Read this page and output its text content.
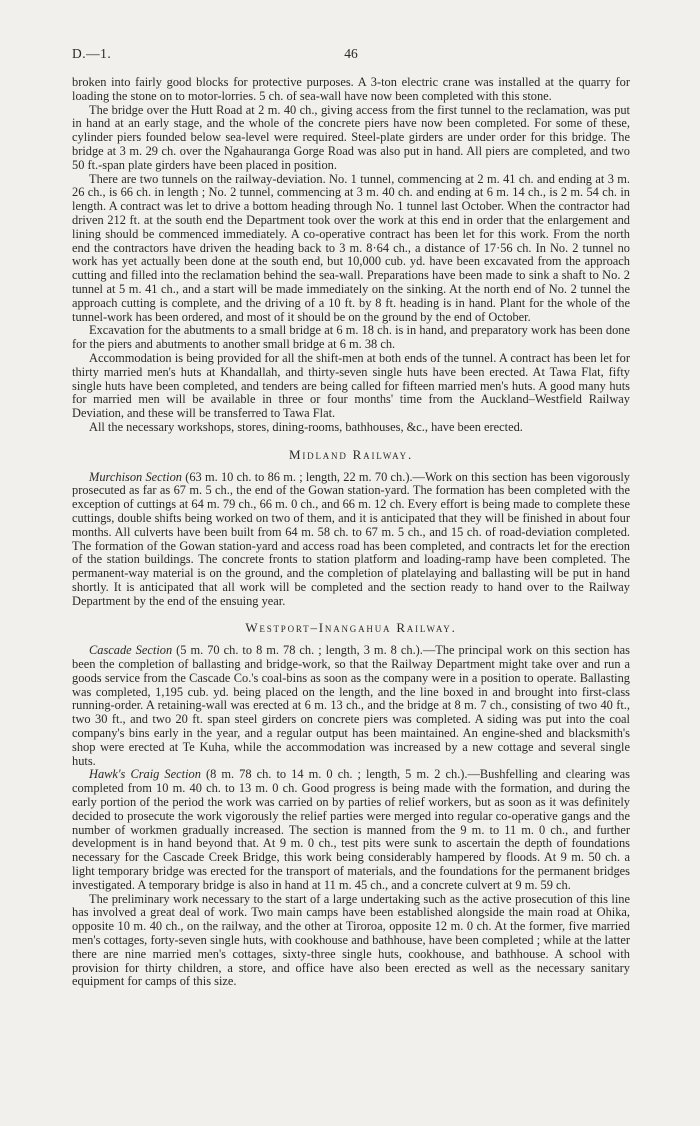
D.—1.	46

broken into fairly good blocks for protective purposes. A 3-ton electric crane was installed at the quarry for loading the stone on to motor-lorries. 5 ch. of sea-wall have now been completed with this stone.

The bridge over the Hutt Road at 2 m. 40 ch., giving access from the first tunnel to the reclamation, was put in hand at an early stage, and the whole of the concrete piers have now been completed. For some of these, cylinder piers founded below sea-level were required. Steel-plate girders are under order for this bridge. The bridge at 3 m. 29 ch. over the Ngahauranga Gorge Road was also put in hand. All piers are completed, and two 50 ft.-span plate girders have been placed in position.

There are two tunnels on the railway-deviation. No. 1 tunnel, commencing at 2 m. 41 ch. and ending at 3 m. 26 ch., is 66 ch. in length ; No. 2 tunnel, commencing at 3 m. 40 ch. and ending at 6 m. 14 ch., is 2 m. 54 ch. in length. A contract was let to drive a bottom heading through No. 1 tunnel last October. When the contractor had driven 212 ft. at the south end the Department took over the work at this end in order that the enlargement and lining should be commenced immediately. A co-operative contract has been let for this work. From the north end the contractors have driven the heading back to 3 m. 8·64 ch., a distance of 17·56 ch. In No. 2 tunnel no work has yet actually been done at the south end, but 10,000 cub. yd. have been excavated from the approach cutting and filled into the reclamation behind the sea-wall. Preparations have been made to sink a shaft to No. 2 tunnel at 5 m. 41 ch., and a start will be made immediately on the sinking. At the north end of No. 2 tunnel the approach cutting is complete, and the driving of a 10 ft. by 8 ft. heading is in hand. Plant for the whole of the tunnel-work has been ordered, and most of it should be on the ground by the end of October.

Excavation for the abutments to a small bridge at 6 m. 18 ch. is in hand, and preparatory work has been done for the piers and abutments to another small bridge at 6 m. 38 ch.

Accommodation is being provided for all the shift-men at both ends of the tunnel. A contract has been let for thirty married men's huts at Khandallah, and thirty-seven single huts have been erected. At Tawa Flat, fifty single huts have been completed, and tenders are being called for fifteen married men's huts. A good many huts for married men will be available in three or four months' time from the Auckland–Westfield Railway Deviation, and these will be transferred to Tawa Flat.

All the necessary workshops, stores, dining-rooms, bathhouses, &c., have been erected.

Midland Railway.

Murchison Section (63 m. 10 ch. to 86 m. ; length, 22 m. 70 ch.).—Work on this section has been vigorously prosecuted as far as 67 m. 5 ch., the end of the Gowan station-yard. The formation has been completed with the exception of cuttings at 64 m. 79 ch., 66 m. 0 ch., and 66 m. 12 ch. Every effort is being made to complete these cuttings, double shifts being worked on two of them, and it is anticipated that they will be finished in about four months. All culverts have been built from 64 m. 58 ch. to 67 m. 5 ch., and 15 ch. of road-deviation completed. The formation of the Gowan station-yard and access road has been completed, and contracts let for the erection of the station buildings. The concrete fronts to station platform and loading-ramp have been completed. The permanent-way material is on the ground, and the completion of platelaying and ballasting will be put in hand shortly. It is anticipated that all work will be completed and the section ready to hand over to the Railway Department by the end of the ensuing year.

Westport–Inangahua Railway.

Cascade Section (5 m. 70 ch. to 8 m. 78 ch. ; length, 3 m. 8 ch.).—The principal work on this section has been the completion of ballasting and bridge-work, so that the Railway Department might take over and run a goods service from the Cascade Co.'s coal-bins as soon as the company were in a position to operate. Ballasting was completed, 1,195 cub. yd. being placed on the length, and the line boxed in and brought into first-class running-order. A retaining-wall was erected at 6 m. 13 ch., and the bridge at 8 m. 7 ch., consisting of two 40 ft., two 30 ft., and two 20 ft. span steel girders on concrete piers was completed. A siding was put into the coal company's bins early in the year, and a regular output has been maintained. An engine-shed and blacksmith's shop were erected at Te Kuha, while the accommodation was increased by a new cottage and several single huts.

Hawk's Craig Section (8 m. 78 ch. to 14 m. 0 ch. ; length, 5 m. 2 ch.).—Bushfelling and clearing was completed from 10 m. 40 ch. to 13 m. 0 ch. Good progress is being made with the formation, and during the early portion of the period the work was carried on by parties of relief workers, but as soon as it was definitely decided to prosecute the work vigorously the relief parties were merged into regular co-operative gangs and the number of workmen gradually increased. The section is manned from the 9 m. to 11 m. 0 ch., and further development is in hand beyond that. At 9 m. 0 ch., test pits were sunk to ascertain the depth of foundations necessary for the Cascade Creek Bridge, this work being considerably hampered by floods. At 9 m. 50 ch. a light temporary bridge was erected for the transport of materials, and the foundations for the permanent bridges investigated. A temporary bridge is also in hand at 11 m. 45 ch., and a concrete culvert at 9 m. 59 ch.

The preliminary work necessary to the start of a large undertaking such as the active prosecution of this line has involved a great deal of work. Two main camps have been established alongside the main road at Ohika, opposite 10 m. 40 ch., on the railway, and the other at Tiroroa, opposite 12 m. 0 ch. At the former, five married men's cottages, forty-seven single huts, with cookhouse and bathhouse, have been completed ; while at the latter there are nine married men's cottages, sixty-three single huts, cookhouse, and bathhouse. A school with provision for thirty children, a store, and office have also been erected as well as the necessary sanitary equipment for camps of this size.
